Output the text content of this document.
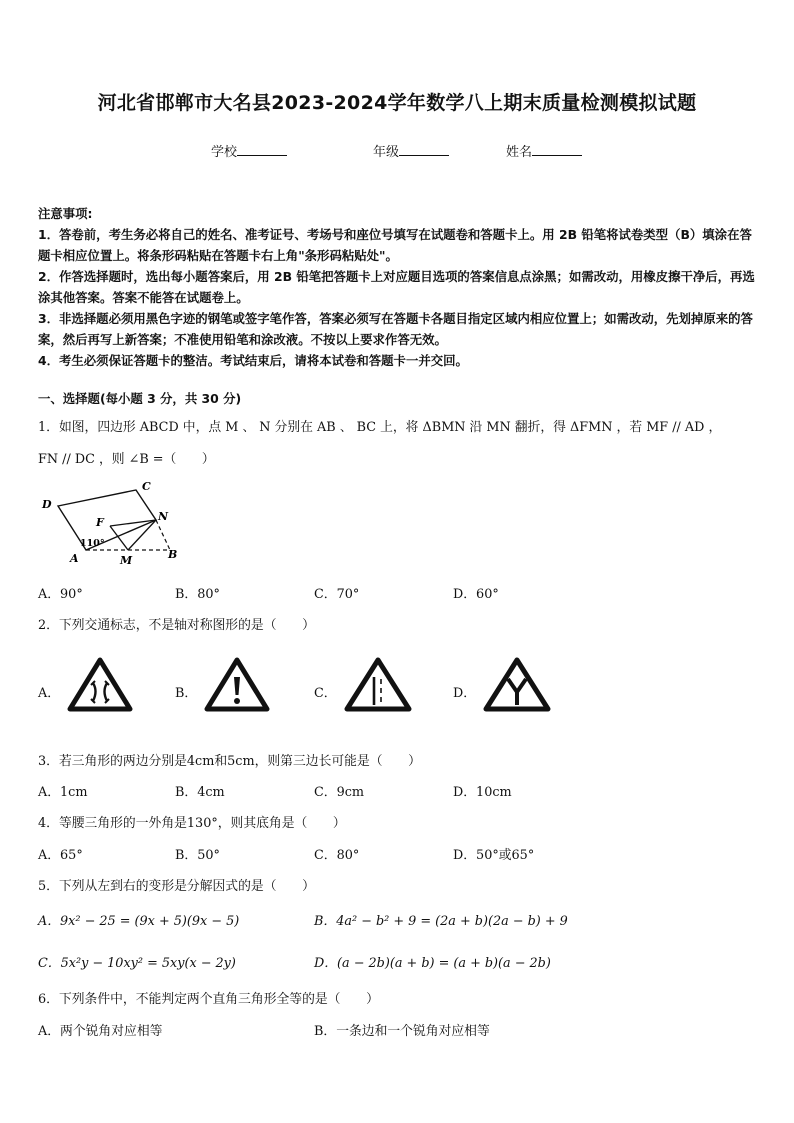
河北省邯郸市大名县2023-2024学年数学八上期末质量检测模拟试题
学校	年级	姓名

注意事项:

1．答卷前，考生务必将自己的姓名、准考证号、考场号和座位号填写在试题卷和答题卡上。用 2B 铅笔将试卷类型（B）填涂在答题卡相应位置上。将条形码粘贴在答题卡右上角"条形码粘贴处"。

2．作答选择题时，选出每小题答案后，用 2B 铅笔把答题卡上对应题目选项的答案信息点涂黑；如需改动，用橡皮擦干净后，再选涂其他答案。答案不能答在试题卷上。

3．非选择题必须用黑色字迹的钢笔或签字笔作答，答案必须写在答题卡各题目指定区域内相应位置上；如需改动，先划掉原来的答案，然后再写上新答案；不准使用铅笔和涂改液。不按以上要求作答无效。

4．考生必须保证答题卡的整洁。考试结束后，请将本试卷和答题卡一并交回。

一、选择题(每小题 3 分，共 30 分)
1．如图，四边形 ABCD 中，点 M 、 N 分别在 AB 、 BC 上，将 ΔBMN 沿 MN 翻折，得 ΔFMN ，若 MF // AD ，
FN // DC ，则 ∠B =（　　）
D
C
F	N
A	M	B
110°
A．90°	B．80°	C．70°	D．60°
2．下列交通标志，不是轴对称图形的是（　　）
A．	B．	C．	D．
3．若三角形的两边分别是4cm和5cm，则第三边长可能是（　　）
A．1cm	B．4cm	C．9cm	D．10cm
4．等腰三角形的一外角是130°，则其底角是（　　）
A．65°	B．50°	C．80°	D．50°或65°
5．下列从左到右的变形是分解因式的是（　　）
A．9x² − 25 = (9x + 5)(9x − 5)	B．4a² − b² + 9 = (2a + b)(2a − b) + 9
C．5x²y − 10xy² = 5xy(x − 2y)	D．(a − 2b)(a + b) = (a + b)(a − 2b)
6．下列条件中，不能判定两个直角三角形全等的是（　　）
A．两个锐角对应相等	B．一条边和一个锐角对应相等
